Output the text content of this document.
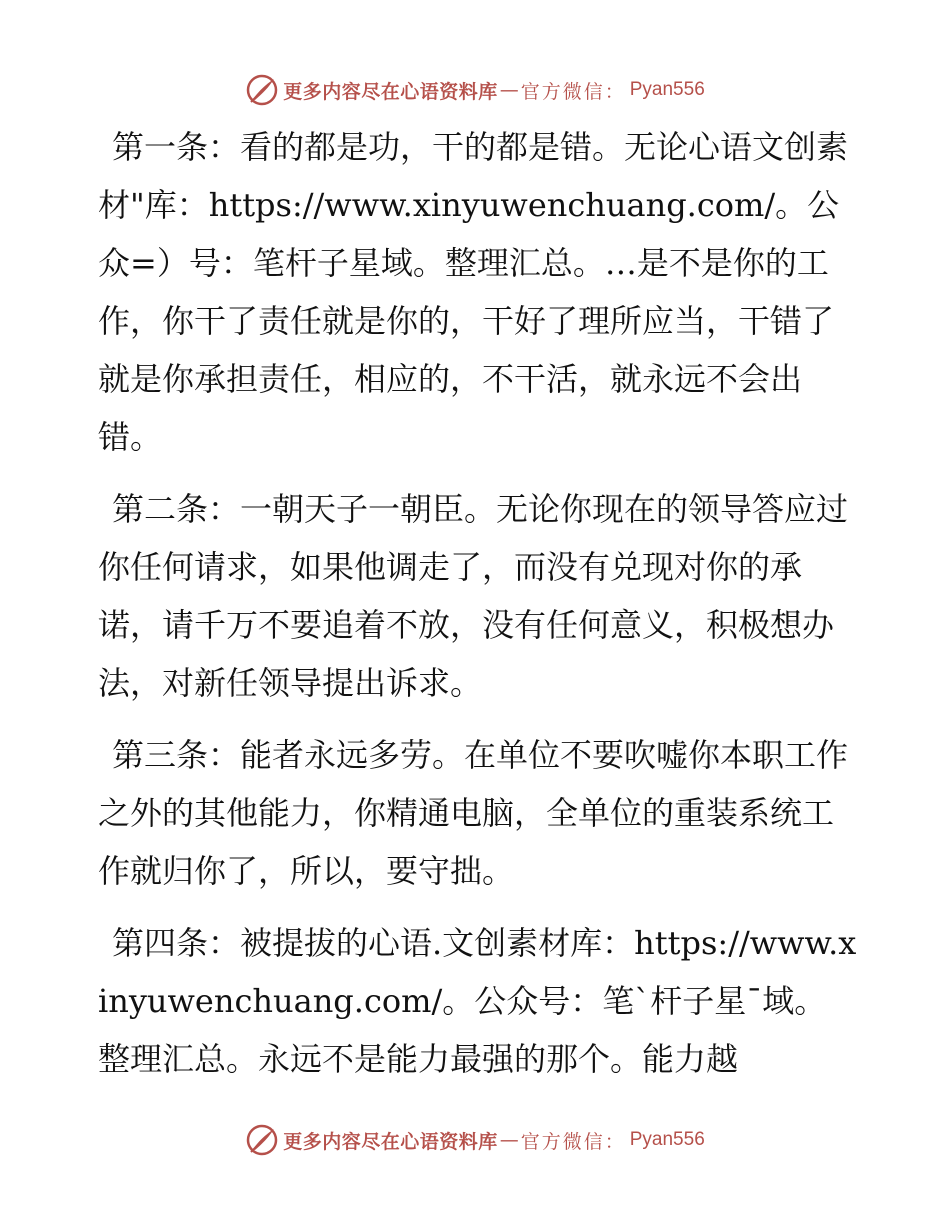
更多内容尽在心语资料库 — 官方微信： Pyan556

第一条：看的都是功，干的都是错。无论心语文创素材"库：https://www.xinyuwenchuang.com/。公众=）号：笔杆子星域。整理汇总。…是不是你的工作，你干了责任就是你的，干好了理所应当，干错了就是你承担责任，相应的，不干活，就永远不会出错。

第二条：一朝天子一朝臣。无论你现在的领导答应过你任何请求，如果他调走了，而没有兑现对你的承诺，请千万不要追着不放，没有任何意义，积极想办法，对新任领导提出诉求。

第三条：能者永远多劳。在单位不要吹嘘你本职工作之外的其他能力，你精通电脑，全单位的重装系统工作就归你了，所以，要守拙。

第四条：被提拔的心语.文创素材库：https://www.xinyuwenchuang.com/。公众号：笔`杆子星¯域。整理汇总。永远不是能力最强的那个。能力越

更多内容尽在心语资料库 — 官方微信： Pyan556
